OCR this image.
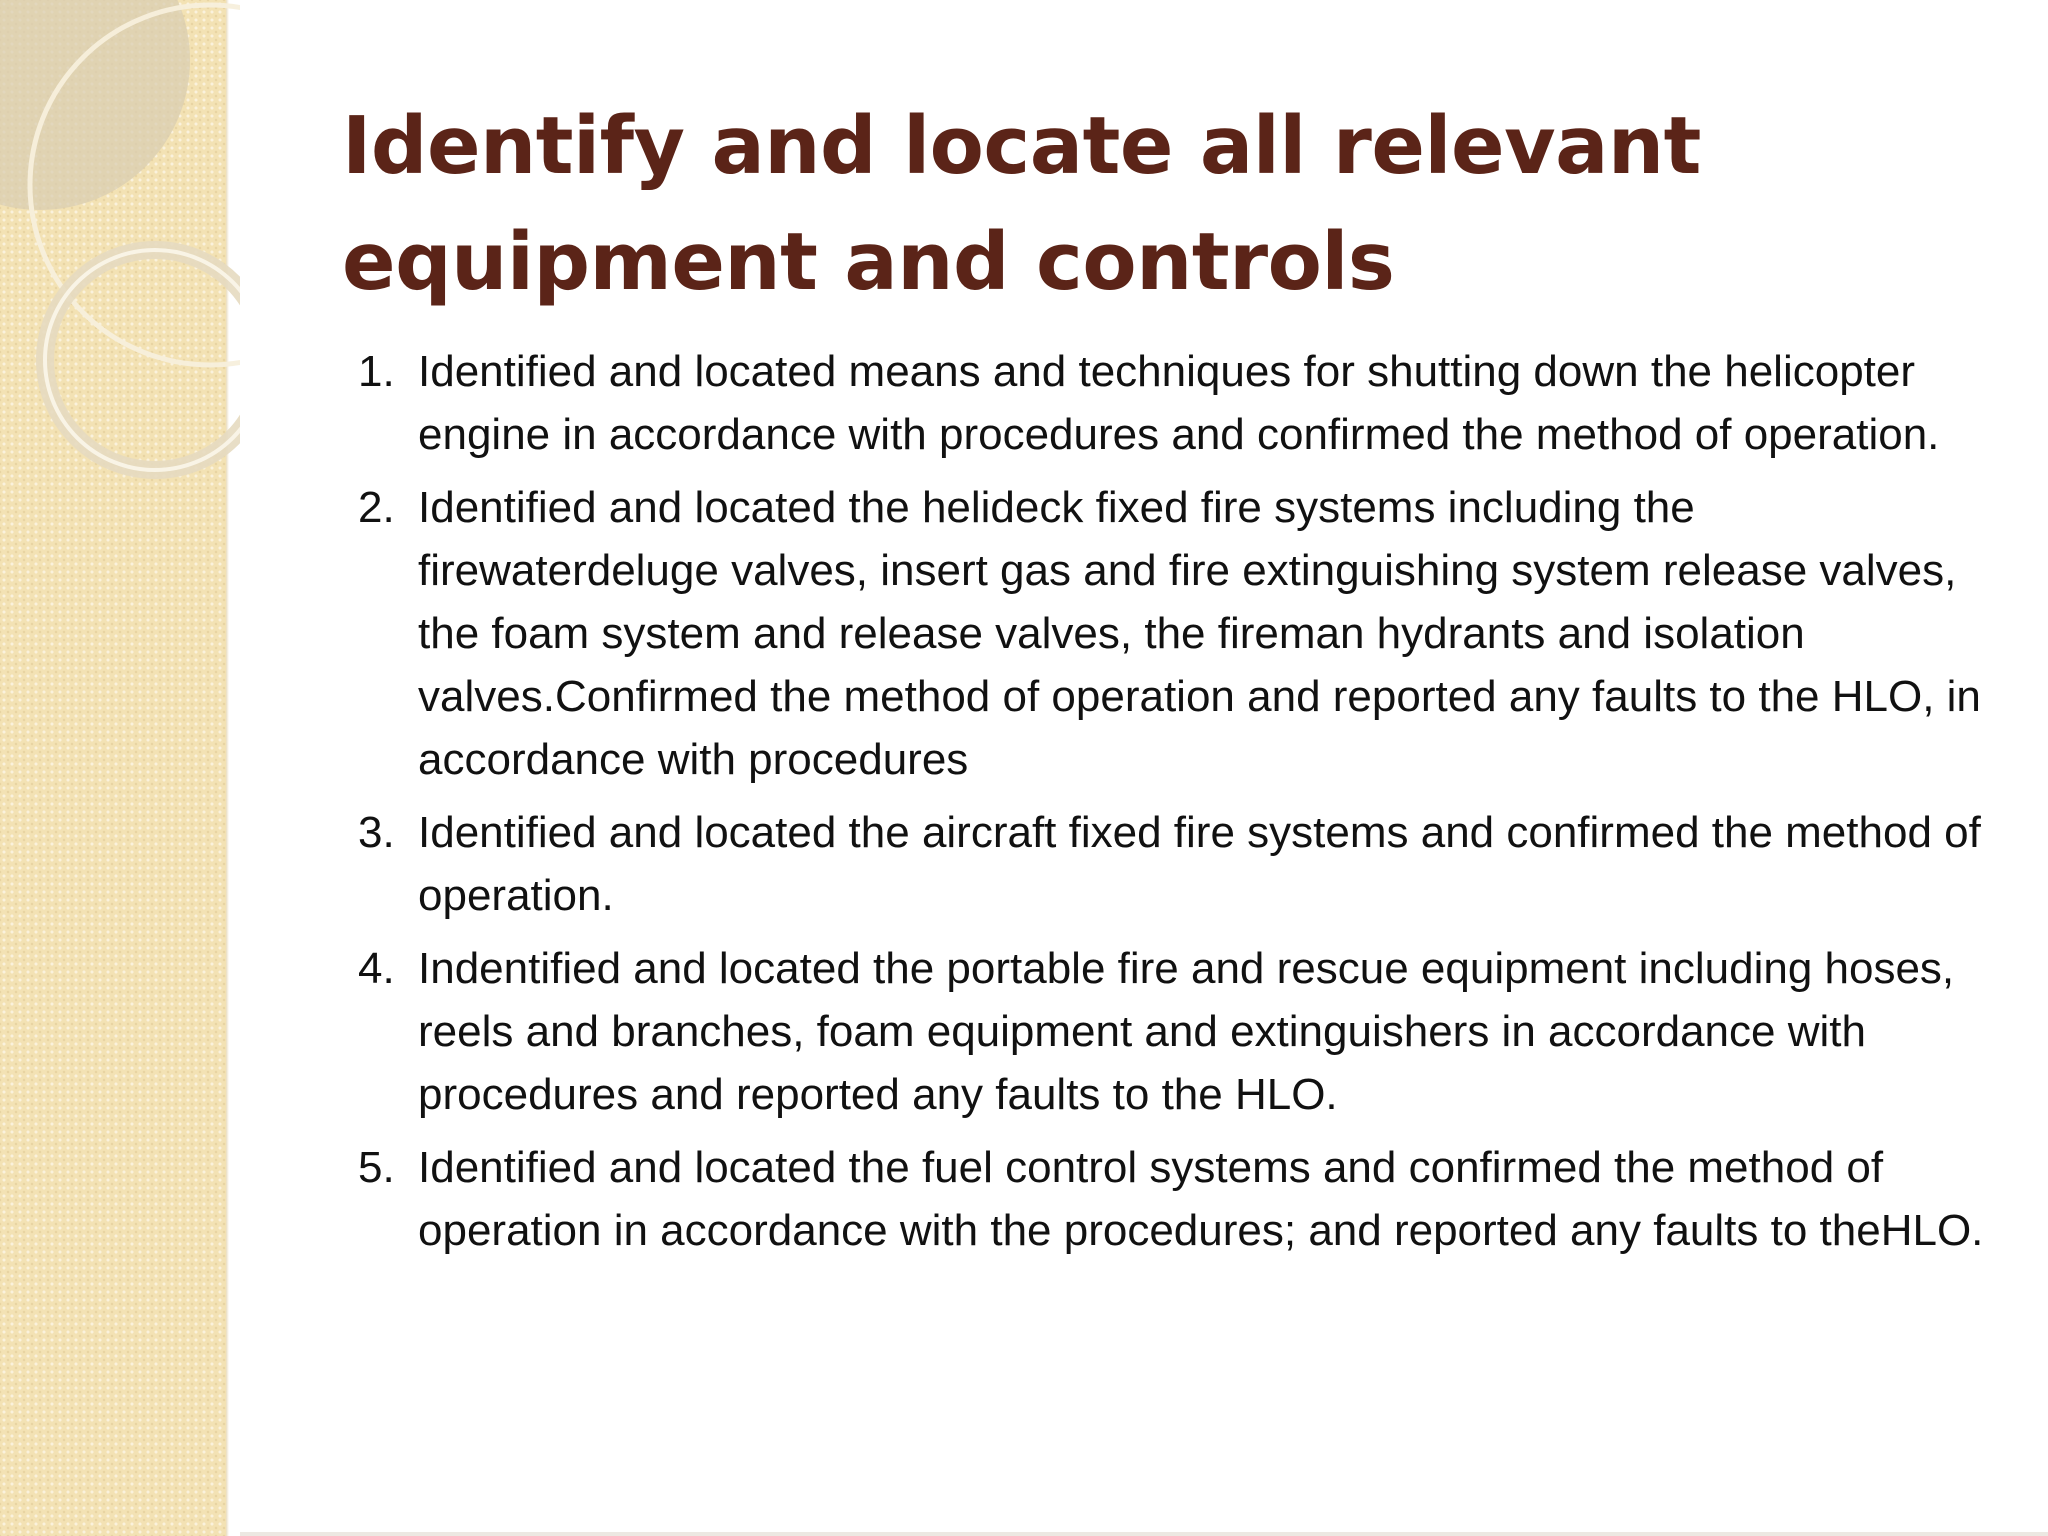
Identify and locate all relevant equipment and controls
1. Identified and located means and techniques for shutting down the helicopter engine in accordance with procedures and confirmed the method of operation.
2. Identified and located the helideck fixed fire systems including the firewaterdeluge valves, insert gas and fire extinguishing system release valves, the foam system and release valves, the fireman hydrants and isolation valves.Confirmed the method of operation and reported any faults to the HLO, in accordance with procedures
3. Identified and located the aircraft fixed fire systems and confirmed the method of operation.
4. Indentified and located the portable fire and rescue equipment including hoses, reels and branches, foam equipment and extinguishers in accordance with procedures and reported any faults to the HLO.
5. Identified and located the fuel control systems and confirmed the method of operation in accordance with the procedures; and reported any faults to theHLO.
